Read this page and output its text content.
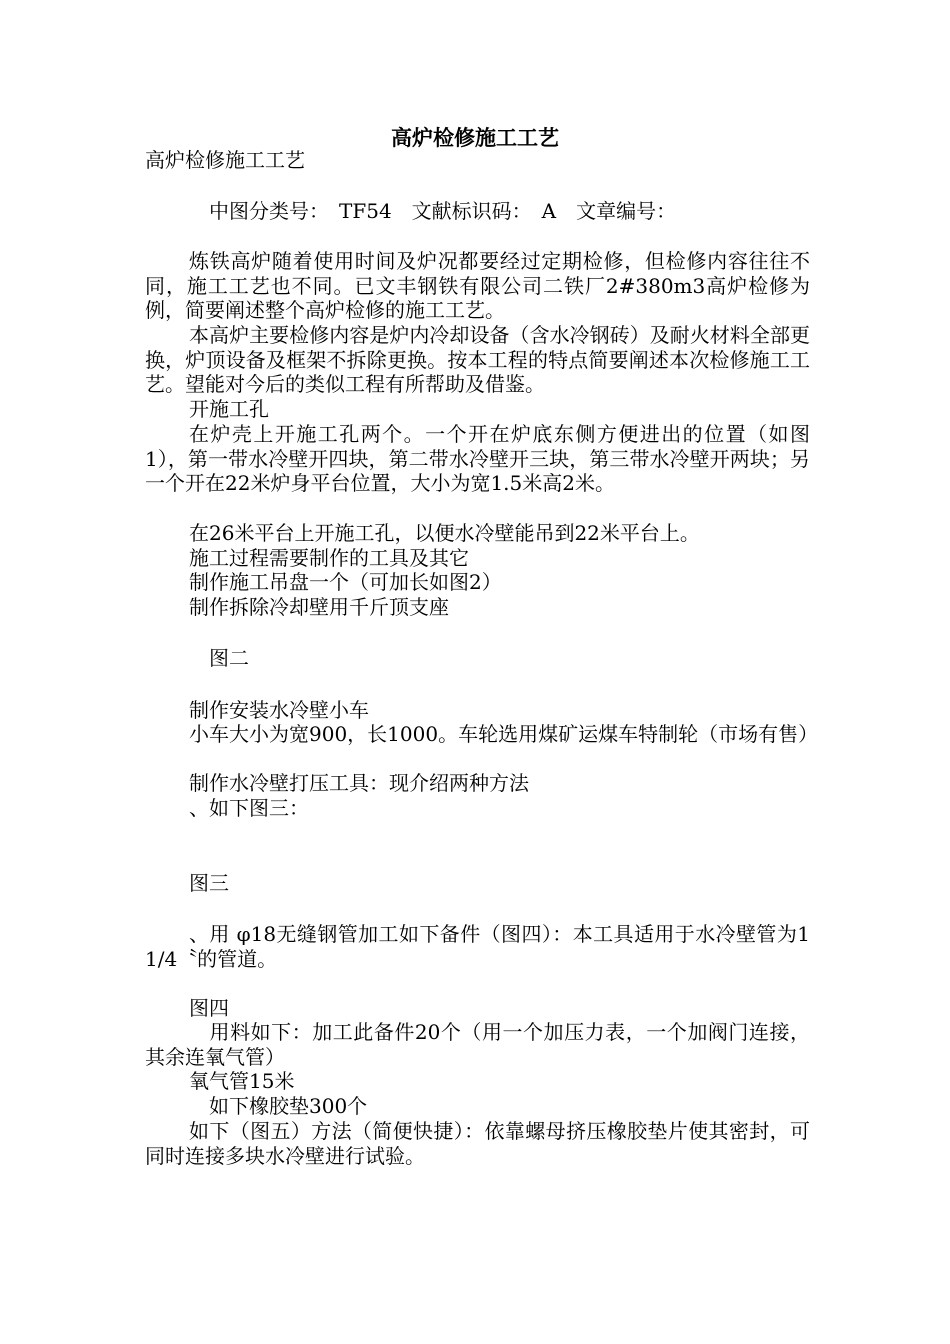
高炉检修施工工艺

高炉检修施工工艺

　中图分类号：　TF54　文献标识码：　A　文章编号：

炼铁高炉随着使用时间及炉况都要经过定期检修，但检修内容往往不同，施工工艺也不同。已文丰钢铁有限公司二铁厂2#380m3高炉检修为例，简要阐述整个高炉检修的施工工艺。

本高炉主要检修内容是炉内冷却设备（含水冷钢砖）及耐火材料全部更换，炉顶设备及框架不拆除更换。按本工程的特点简要阐述本次检修施工工艺。望能对今后的类似工程有所帮助及借鉴。

开施工孔

在炉壳上开施工孔两个。一个开在炉底东侧方便进出的位置（如图1），第一带水冷壁开四块，第二带水冷壁开三块，第三带水冷壁开两块；另一个开在22米炉身平台位置，大小为宽1.5米高2米。

在26米平台上开施工孔，以便水冷壁能吊到22米平台上。

施工过程需要制作的工具及其它

制作施工吊盘一个（可加长如图2）

制作拆除冷却壁用千斤顶支座

　图二

制作安装水冷壁小车

小车大小为宽900，长1000。车轮选用煤矿运煤车特制轮（市场有售）

制作水冷壁打压工具：现介绍两种方法

、如下图三：

图三

、用 φ18无缝钢管加工如下备件（图四）：本工具适用于水冷壁管为11/4〝的管道。

图四

　用料如下：加工此备件20个（用一个加压力表，一个加阀门连接，其余连氧气管）

氧气管15米

　如下橡胶垫300个

如下（图五）方法（简便快捷）：依靠螺母挤压橡胶垫片使其密封，可同时连接多块水冷壁进行试验。
